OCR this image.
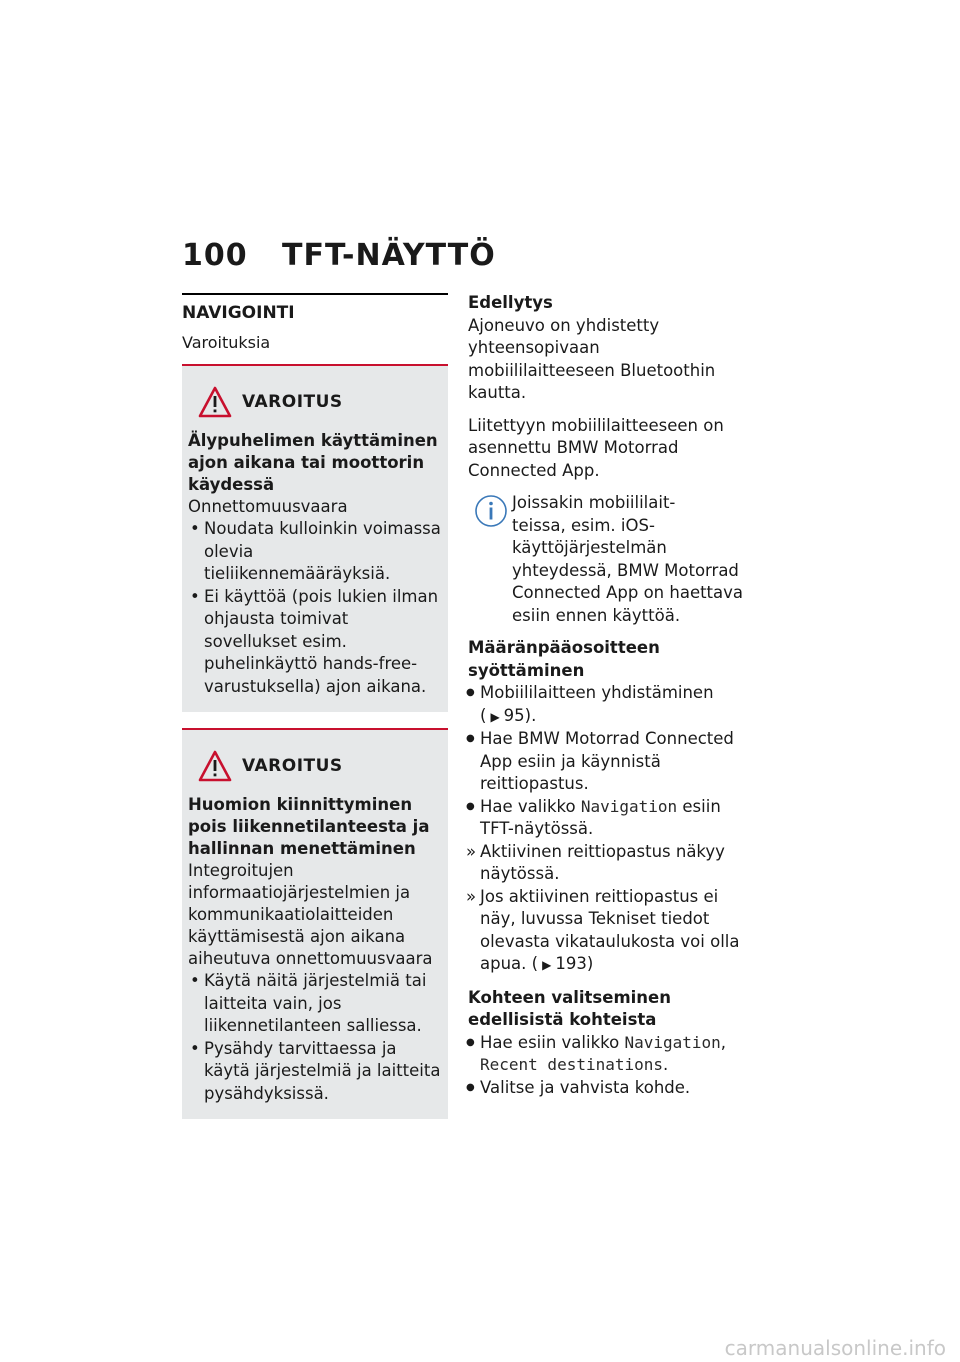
100 TFT-NÄYTTÖ
NAVIGOINTI
Varoituksia
VAROITUS
Älypuhelimen käyttäminen ajon aikana tai moottorin käydessä
Onnettomuusvaara
• Noudata kulloinkin voimassa olevia tieliikennemääräyksiä.
• Ei käyttöä (pois lukien ilman ohjausta toimivat sovellukset esim. puhelinkäyttö hands-free-varustuksella) ajon aikana.
VAROITUS
Huomion kiinnittyminen pois liikennetilanteesta ja hallinnan menettäminen
Integroitujen informaatiojärjestelmien ja kommunikaatiolaitteiden käyttämisestä ajon aikana aiheutuva onnettomuusvaara
• Käytä näitä järjestelmiä tai laitteita vain, jos liikennetilanteen salliessa.
• Pysähdy tarvittaessa ja käytä järjestelmiä ja laitteita pysähdyksissä.
Edellytys
Ajoneuvo on yhdistetty yhteensopivaan mobiililaitteeseen Bluetoothin kautta.
Liitettyyn mobiililaitteeseen on asennettu BMW Motorrad Connected App.
Joissakin mobiililait-
teissa, esim. iOS-käyttöjärjestelmän yhteydessä, BMW Motorrad Connected App on haettava esiin ennen käyttöä.
Määränpääosoitteen syöttäminen
● Mobiililaitteen yhdistäminen
( ▶ 95).
● Hae BMW Motorrad Connected App esiin ja käynnistä reittiopastus.
● Hae valikko Navigation esiin TFT-näytössä.
» Aktiivinen reittiopastus näkyy näytössä.
» Jos aktiivinen reittiopastus ei näy, luvussa Tekniset tiedot olevasta vikataulukosta voi olla apua. ( ▶ 193)
Kohteen valitseminen edellisistä kohteista
● Hae esiin valikko Navigation, Recent destinations.
● Valitse ja vahvista kohde.
carmanualsonline.info
